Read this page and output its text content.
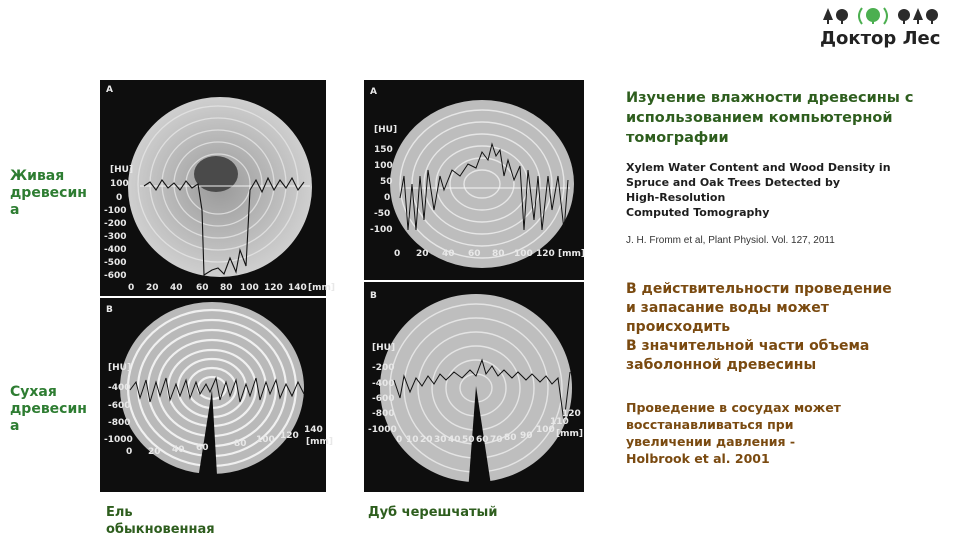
Доктор Лес
Живая древесин а
Сухая древесин а
Ель обыкновенная
Дуб черешчатый
A
[HU]
100
0
-100
-200
-300
-400
-500
-600
0 20 40 60 80 100 120 140 [mm]
B
[HU]
-400
-600
-800
-1000
0 20 40 60	80 100 120
140
[mm]
A
[HU]
150
100
50
0
-50
-100
0 20 40 60 80 100 120 [mm]
B
[HU]
-200
-400
-600
-800
-1000
0 10 20 30 40 50 60 70 80 90
100
110
120
[mm]
Изучение влажности древесины с использованием компьютерной томографии
Xylem Water Content and Wood Density in
Spruce and Oak Trees Detected by
High-Resolution
Computed Tomography
J. H. Fromm et al, Plant Physiol. Vol. 127, 2011
В действительности проведение
и запасание воды может
происходить
В значительной части объема
заболонной древесины
Проведение в сосудах может
восстанавливаться при
увеличении давления -
Holbrook et al. 2001
